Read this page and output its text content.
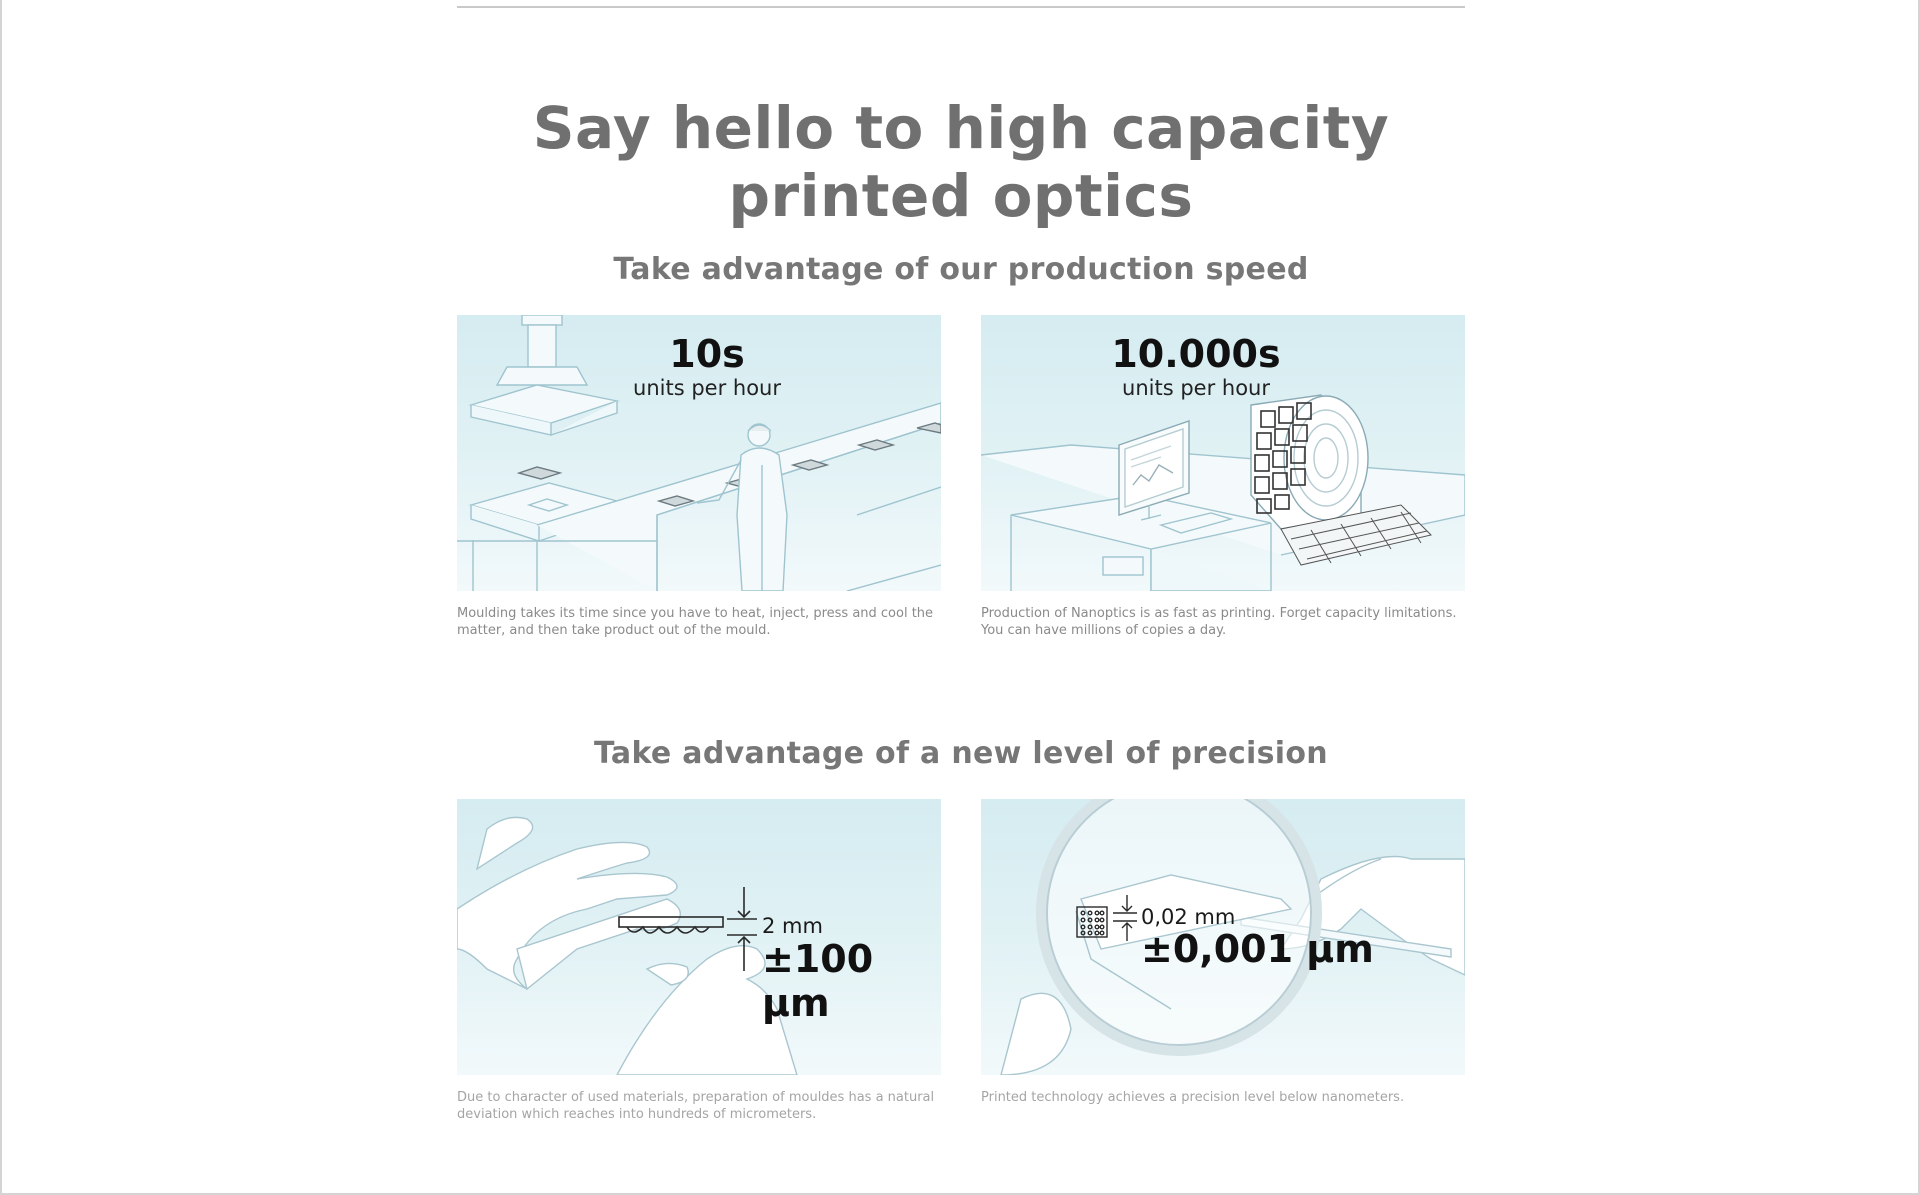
Say hello to high capacity
printed optics
Take advantage of our production speed
10s
units per hour

Moulding takes its time since you have to heat, inject, press and cool the matter, and then take product out of the mould.

10.000s
units per hour

Production of Nanoptics is as fast as printing. Forget capacity limitations. You can have millions of copies a day.

Take advantage of a new level of precision
2 mm
±100 µm

Due to character of used materials, preparation of mouldes has a natural deviation which reaches into hundreds of micrometers.

0,02 mm
±0,001 µm

Printed technology achieves a precision level below nanometers.
